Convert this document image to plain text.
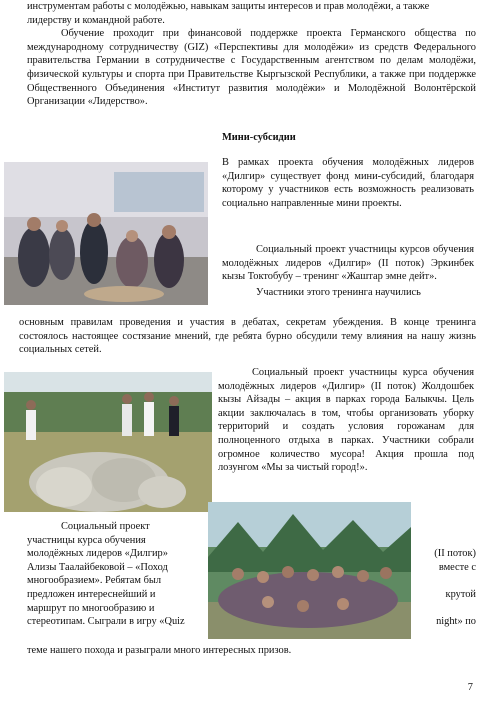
инструментам работы с молодёжью, навыкам защиты интересов и прав молодёжи, а также

лидерству и командной работе.

Обучение проходит при финансовой поддержке проекта Германского общества по международному сотрудничеству (GIZ) «Перспективы для молодёжи» из средств Федерального правительства Германии в сотрудничестве с Государственным агентством по делам молодёжи, физической культуры и спорта при Правительстве Кыргызской Республики, а также при поддержке Общественного Объединения «Институт развития молодёжи» и Молодёжной Волонтёрской Организации «Лидерство».

Мини-субсидии

В рамках проекта обучения молодёжных лидеров «Дилгир» существует фонд мини-субсидий, благодаря которому у участников есть возможность реализовать социально направленные мини проекты.

Социальный проект участницы курсов обучения молодёжных лидеров «Дилгир» (II поток) Эркинбек кызы Токтобубу – тренинг «Жаштар эмне дейт».

Участники этого тренинга научились

основным правилам проведения и участия в дебатах, секретам убеждения. В конце тренинга состоялось настоящее состязание мнений, где ребята бурно обсудили тему влияния на нашу жизнь социальных сетей.

Социальный проект участницы курса обучения молодёжных лидеров «Дилгир» (II поток) Жолдошбек кызы Айзады – акция в парках города Балыкчы. Цель акции заключалась в том, чтобы организовать уборку территорий и создать условия горожанам для полноценного отдыха в парках. Участники собрали огромное количество мусора! Акция прошла под лозунгом «Мы за чистый город!».

Социальный проект

участницы курса обучения

молодёжных лидеров «Дилгир»

Ализы Таалайбековой – «Поход

многообразием». Ребятам был

предложен интереснейший и

маршрут по многообразию и

стереотипам. Сыграли в игру «Quiz

(II поток)

вместе с

крутой

night» по

теме нашего похода и разыграли много интересных призов.

7
